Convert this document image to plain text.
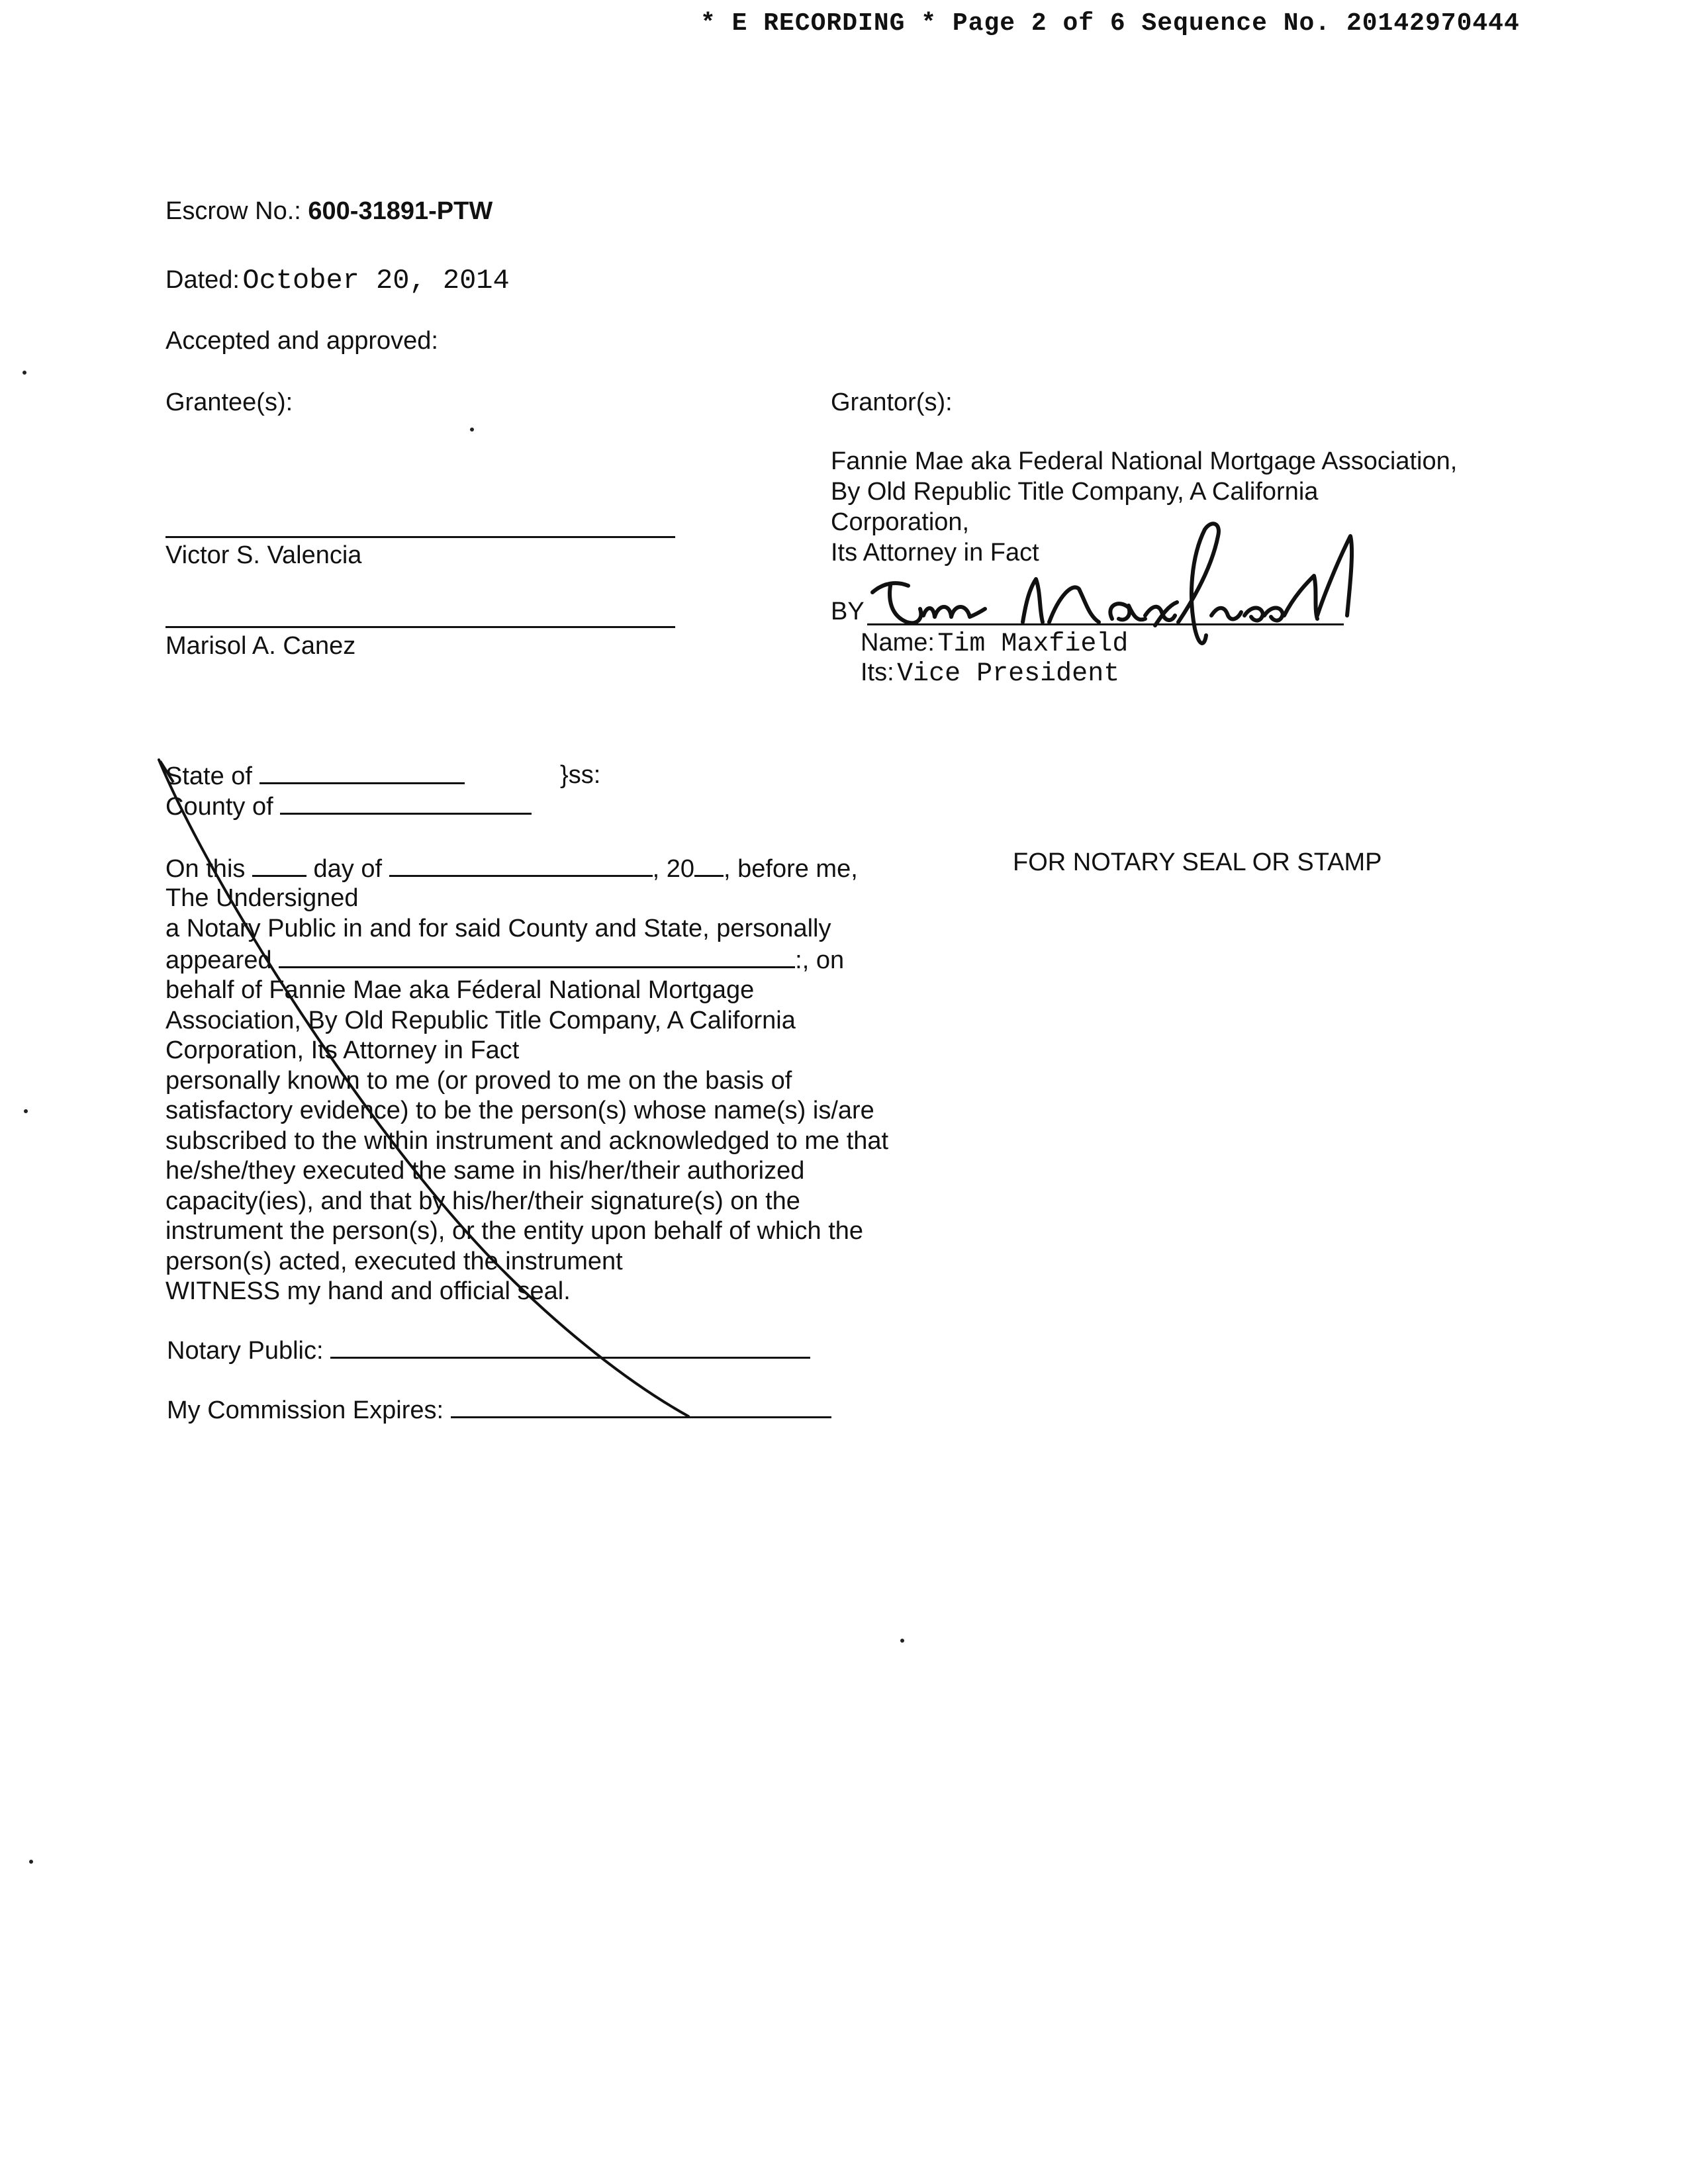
* E RECORDING * Page 2 of 6 Sequence No. 20142970444
Escrow No.: 600-31891-PTW
Dated: October 20, 2014
Accepted and approved:
Grantee(s):
Victor S. Valencia
Marisol A. Canez
Grantor(s):
Fannie Mae aka Federal National Mortgage Association,
By Old Republic Title Company, A California
Corporation,
Its Attorney in Fact
BY
Name: Tim Maxfield
Its: Vice President
State of	}ss:
County of
On this	day of	, 20 , before me,
The Undersigned
a Notary Public in and for said County and State, personally
appeared	:, on
behalf of Fannie Mae aka Féderal National Mortgage
Association, By Old Republic Title Company, A California
Corporation, Its Attorney in Fact
personally known to me (or proved to me on the basis of
satisfactory evidence) to be the person(s) whose name(s) is/are
subscribed to the within instrument and acknowledged to me that
he/she/they executed the same in his/her/their authorized
capacity(ies), and that by his/her/their signature(s) on the
instrument the person(s), or the entity upon behalf of which the
person(s) acted, executed the instrument
WITNESS my hand and official seal.
Notary Public:
My Commission Expires:
FOR NOTARY SEAL OR STAMP
